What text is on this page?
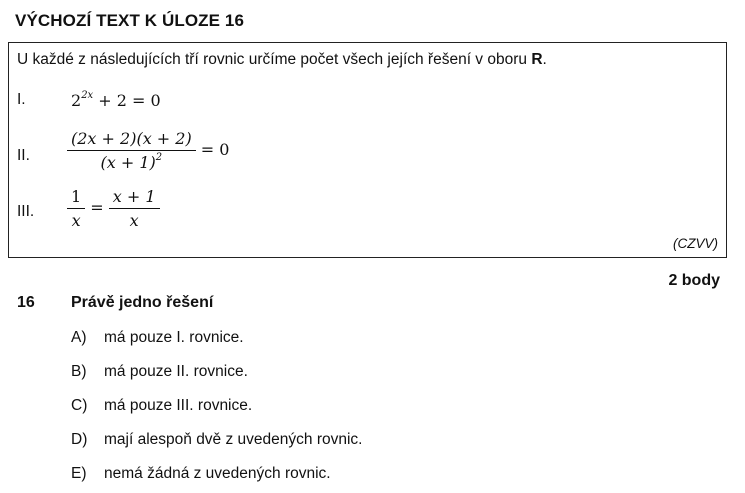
VÝCHOZÍ TEXT K ÚLOZE 16
U každé z následujících tří rovnic určíme počet všech jejích řešení v oboru R.
I.	$2^{2x} + 2 = 0$
II. $\frac{(2x + 2)(x + 2)}{(x + 1)^2} = 0$
III. $\frac{1}{x} = \frac{x + 1}{x}$
(CZVV)
2 body
16 Právě jedno řešení
A) má pouze I. rovnice.
B) má pouze II. rovnice.
C) má pouze III. rovnice.
D) mají alespoň dvě z uvedených rovnic.
E) nemá žádná z uvedených rovnic.
